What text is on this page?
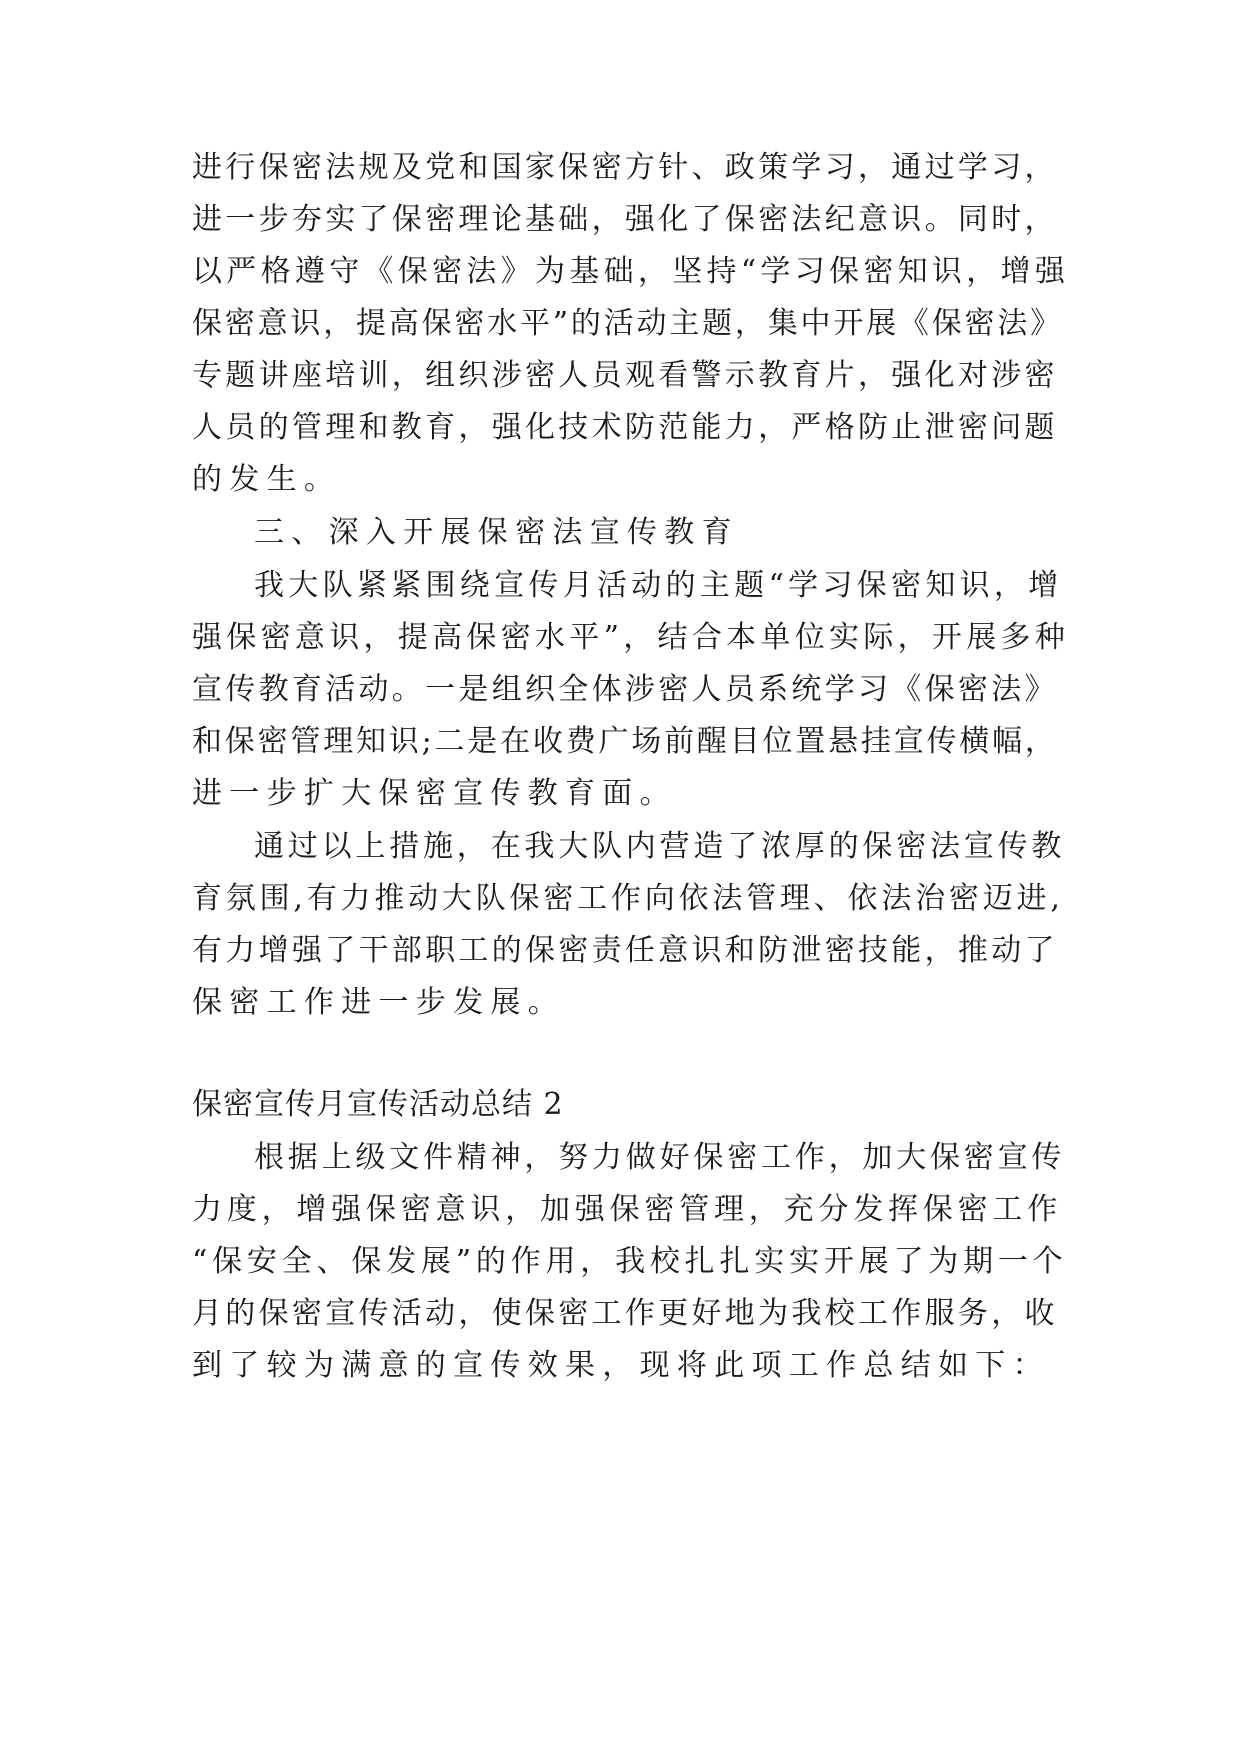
进行保密法规及党和国家保密方针、政策学习，通过学习，
进一步夯实了保密理论基础，强化了保密法纪意识。同时，
以严格遵守《保密法》为基础，坚持“学习保密知识，增强
保密意识，提高保密水平”的活动主题，集中开展《保密法》
专题讲座培训，组织涉密人员观看警示教育片，强化对涉密
人员的管理和教育，强化技术防范能力，严格防止泄密问题
的发生。
三、深入开展保密法宣传教育
我大队紧紧围绕宣传月活动的主题“学习保密知识，增
强保密意识，提高保密水平”，结合本单位实际，开展多种
宣传教育活动。一是组织全体涉密人员系统学习《保密法》
和保密管理知识;二是在收费广场前醒目位置悬挂宣传横幅，
进一步扩大保密宣传教育面。
通过以上措施，在我大队内营造了浓厚的保密法宣传教
育氛围,有力推动大队保密工作向依法管理、依法治密迈进,
有力增强了干部职工的保密责任意识和防泄密技能，推动了
保密工作进一步发展。
保密宣传月宣传活动总结 2
根据上级文件精神，努力做好保密工作，加大保密宣传
力度，增强保密意识，加强保密管理，充分发挥保密工作
“保安全、保发展”的作用，我校扎扎实实开展了为期一个
月的保密宣传活动，使保密工作更好地为我校工作服务，收
到了较为满意的宣传效果，现将此项工作总结如下：
